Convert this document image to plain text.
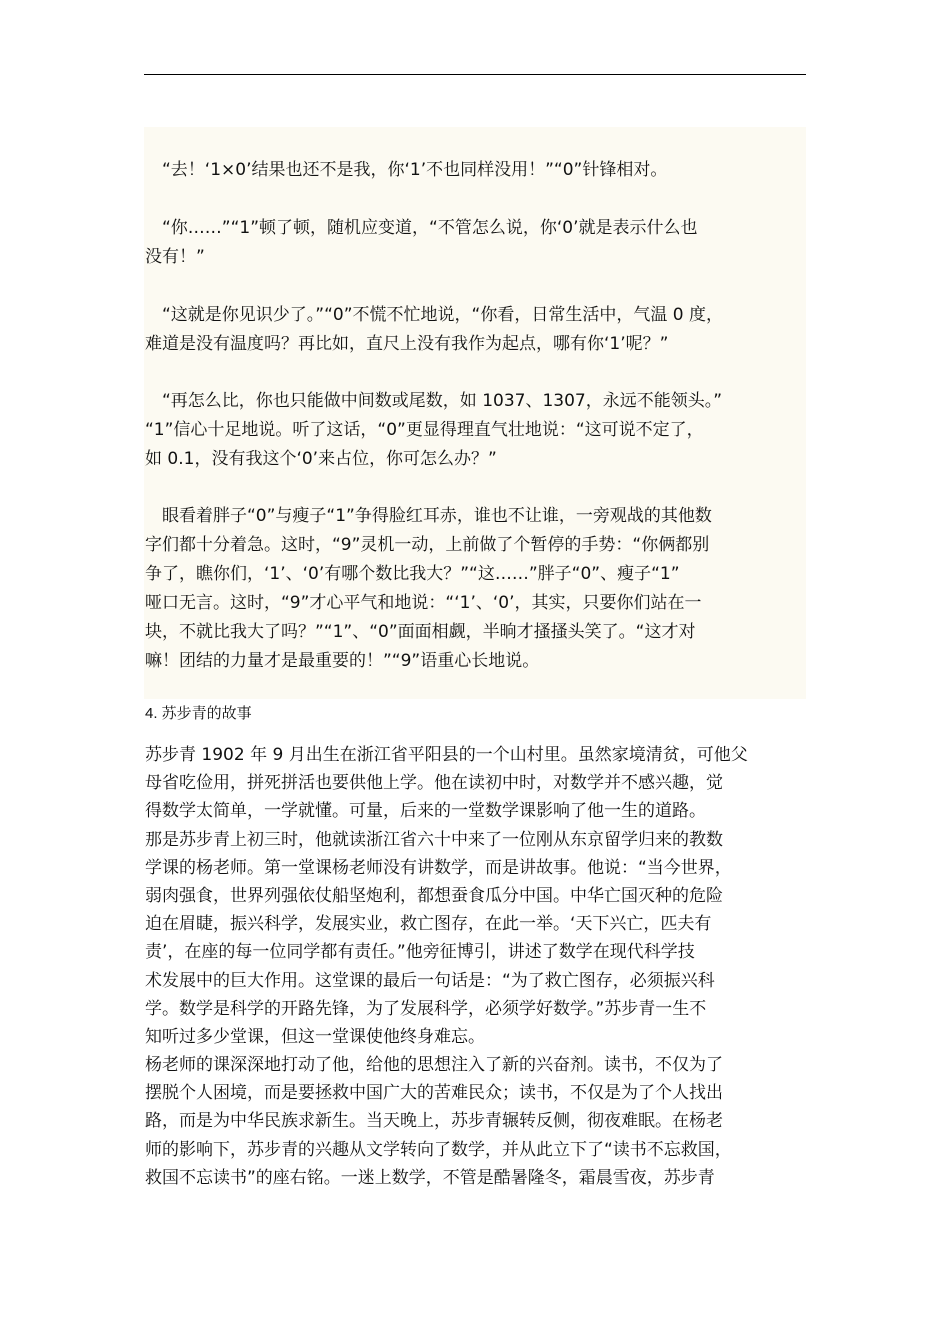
“去！‘1×0’结果也还不是我，你‘1’不也同样没用！”“0”针锋相对。
“你……”“1”顿了顿，随机应变道，“不管怎么说，你‘0’就是表示什么也
没有！”
“这就是你见识少了。”“0”不慌不忙地说，“你看，日常生活中，气温 0 度，
难道是没有温度吗？再比如，直尺上没有我作为起点，哪有你‘1’呢？”
“再怎么比，你也只能做中间数或尾数，如 1037、1307，永远不能领头。”
“1”信心十足地说。听了这话，“0”更显得理直气壮地说：“这可说不定了，
如 0.1，没有我这个‘0’来占位，你可怎么办？”
眼看着胖子“0”与瘦子“1”争得脸红耳赤，谁也不让谁，一旁观战的其他数
字们都十分着急。这时，“9”灵机一动，上前做了个暂停的手势：“你俩都别
争了，瞧你们，‘1’、‘0’有哪个数比我大？”“这……”胖子“0”、瘦子“1”
哑口无言。这时，“9”才心平气和地说：“‘1’、‘0’，其实，只要你们站在一
块，不就比我大了吗？”“1”、“0”面面相觑，半晌才搔搔头笑了。“这才对
嘛！团结的力量才是最重要的！”“9”语重心长地说。
4. 苏步青的故事
苏步青 1902 年 9 月出生在浙江省平阳县的一个山村里。虽然家境清贫，可他父
母省吃俭用，拼死拼活也要供他上学。他在读初中时，对数学并不感兴趣，觉
得数学太简单，一学就懂。可量，后来的一堂数学课影响了他一生的道路。
那是苏步青上初三时，他就读浙江省六十中来了一位刚从东京留学归来的教数
学课的杨老师。第一堂课杨老师没有讲数学，而是讲故事。他说：“当今世界，
弱肉强食，世界列强依仗船坚炮利，都想蚕食瓜分中国。中华亡国灭种的危险
迫在眉睫，振兴科学，发展实业，救亡图存，在此一举。‘天下兴亡，匹夫有
责’，在座的每一位同学都有责任。”他旁征博引，讲述了数学在现代科学技
术发展中的巨大作用。这堂课的最后一句话是：“为了救亡图存，必须振兴科
学。数学是科学的开路先锋，为了发展科学，必须学好数学。”苏步青一生不
知听过多少堂课，但这一堂课使他终身难忘。
杨老师的课深深地打动了他，给他的思想注入了新的兴奋剂。读书，不仅为了
摆脱个人困境，而是要拯救中国广大的苦难民众；读书，不仅是为了个人找出
路，而是为中华民族求新生。当天晚上，苏步青辗转反侧，彻夜难眠。在杨老
师的影响下，苏步青的兴趣从文学转向了数学，并从此立下了“读书不忘救国，
救国不忘读书”的座右铭。一迷上数学，不管是酷暑隆冬，霜晨雪夜，苏步青
